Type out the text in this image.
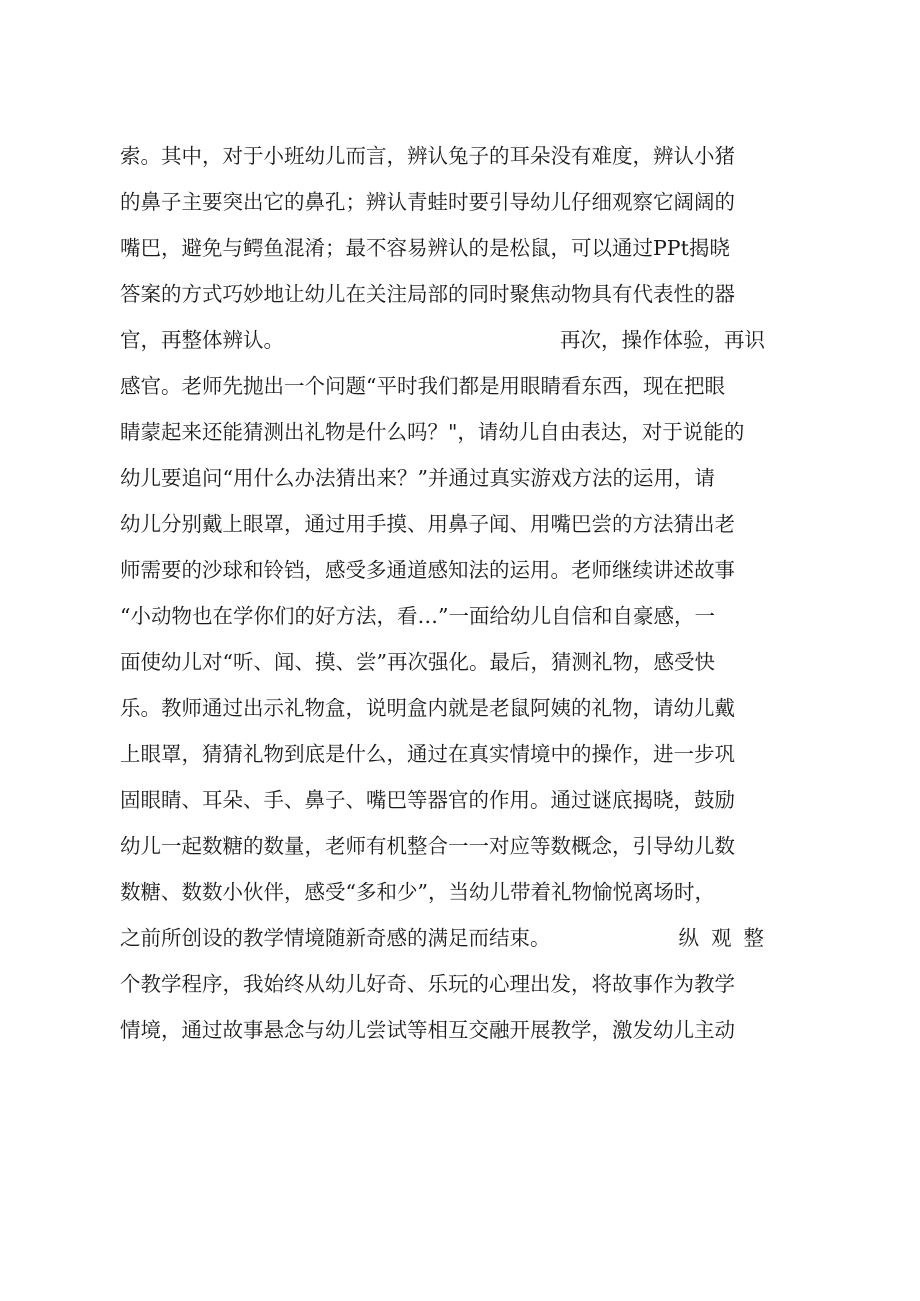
索。其中，对于小班幼儿而言，辨认兔子的耳朵没有难度，辨认小猪
的鼻子主要突出它的鼻孔；辨认青蛙时要引导幼儿仔细观察它阔阔的
嘴巴，避免与鳄鱼混淆；最不容易辨认的是松鼠，可以通过PPt揭晓
答案的方式巧妙地让幼儿在关注局部的同时聚焦动物具有代表性的器
官，再整体辨认。	再次，操作体验，再识
感官。老师先抛出一个问题“平时我们都是用眼睛看东西，现在把眼
睛蒙起来还能猜测出礼物是什么吗？"，请幼儿自由表达，对于说能的
幼儿要追问“用什么办法猜出来？”并通过真实游戏方法的运用，请
幼儿分别戴上眼罩，通过用手摸、用鼻子闻、用嘴巴尝的方法猜出老
师需要的沙球和铃铛，感受多通道感知法的运用。老师继续讲述故事
“小动物也在学你们的好方法，看…”一面给幼儿自信和自豪感，一
面使幼儿对“听、闻、摸、尝”再次强化。最后，猜测礼物，感受快
乐。教师通过出示礼物盒，说明盒内就是老鼠阿姨的礼物，请幼儿戴
上眼罩，猜猜礼物到底是什么，通过在真实情境中的操作，进一步巩
固眼睛、耳朵、手、鼻子、嘴巴等器官的作用。通过谜底揭晓，鼓励
幼儿一起数糖的数量，老师有机整合一一对应等数概念，引导幼儿数
数糖、数数小伙伴，感受“多和少”，当幼儿带着礼物愉悦离场时，
之前所创设的教学情境随新奇感的满足而结束。	纵观整
个教学程序，我始终从幼儿好奇、乐玩的心理出发，将故事作为教学
情境，通过故事悬念与幼儿尝试等相互交融开展教学，激发幼儿主动
